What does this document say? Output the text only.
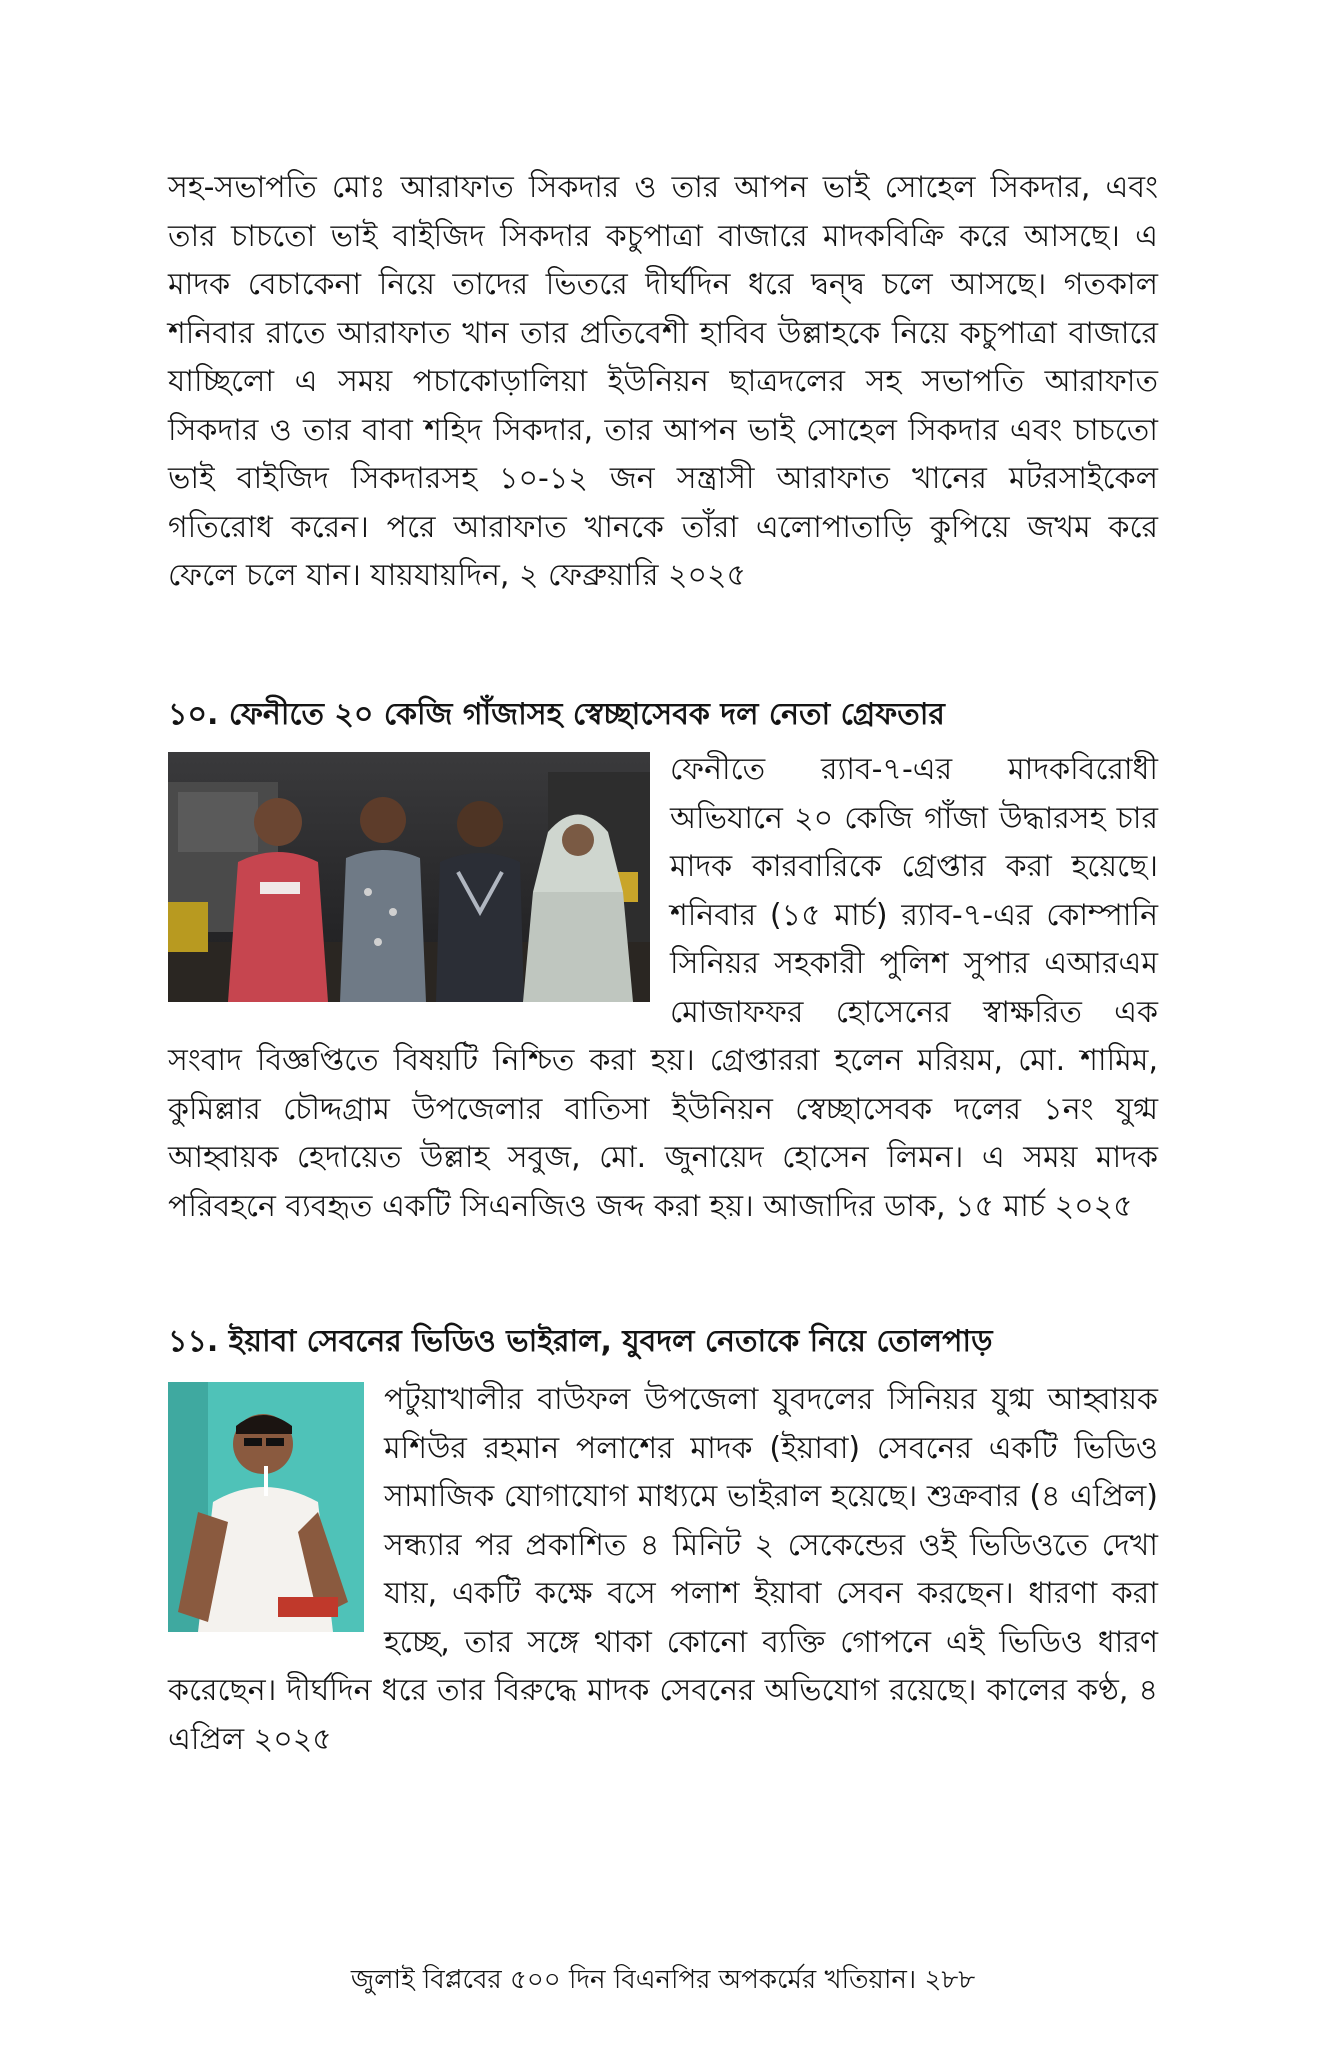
সহ-সভাপতি মোঃ আরাফাত সিকদার ও তার আপন ভাই সোহেল সিকদার, এবং তার চাচতো ভাই বাইজিদ সিকদার কচুপাত্রা বাজারে মাদকবিক্রি করে আসছে। এ মাদক বেচাকেনা নিয়ে তাদের ভিতরে দীর্ঘদিন ধরে দ্বন্দ্ব চলে আসছে। গতকাল শনিবার রাতে আরাফাত খান তার প্রতিবেশী হাবিব উল্লাহকে নিয়ে কচুপাত্রা বাজারে যাচ্ছিলো এ সময় পচাকোড়ালিয়া ইউনিয়ন ছাত্রদলের সহ সভাপতি আরাফাত সিকদার ও তার বাবা শহিদ সিকদার, তার আপন ভাই সোহেল সিকদার এবং চাচতো ভাই বাইজিদ সিকদারসহ ১০-১২ জন সন্ত্রাসী আরাফাত খানের মটরসাইকেল গতিরোধ করেন। পরে আরাফাত খানকে তাঁরা এলোপাতাড়ি কুপিয়ে জখম করে ফেলে চলে যান। যায়যায়দিন, ২ ফেব্রুয়ারি ২০২৫

১০. ফেনীতে ২০ কেজি গাঁজাসহ স্বেচ্ছাসেবক দল নেতা গ্রেফতার

ফেনীতে র‍্যাব-৭-এর মাদকবিরোধী অভিযানে ২০ কেজি গাঁজা উদ্ধারসহ চার মাদক কারবারিকে গ্রেপ্তার করা হয়েছে। শনিবার (১৫ মার্চ) র‍্যাব-৭-এর কোম্পানি সিনিয়র সহকারী পুলিশ সুপার এআরএম মোজাফফর হোসেনের স্বাক্ষরিত এক সংবাদ বিজ্ঞপ্তিতে বিষয়টি নিশ্চিত করা হয়। গ্রেপ্তাররা হলেন মরিয়ম, মো. শামিম, কুমিল্লার চৌদ্দগ্রাম উপজেলার বাতিসা ইউনিয়ন স্বেচ্ছাসেবক দলের ১নং যুগ্ম আহ্বায়ক হেদায়েত উল্লাহ সবুজ, মো. জুনায়েদ হোসেন লিমন। এ সময় মাদক পরিবহনে ব্যবহৃত একটি সিএনজিও জব্দ করা হয়। আজাদির ডাক, ১৫ মার্চ ২০২৫

১১. ইয়াবা সেবনের ভিডিও ভাইরাল, যুবদল নেতাকে নিয়ে তোলপাড়

পটুয়াখালীর বাউফল উপজেলা যুবদলের সিনিয়র যুগ্ম আহ্বায়ক মশিউর রহমান পলাশের মাদক (ইয়াবা) সেবনের একটি ভিডিও সামাজিক যোগাযোগ মাধ্যমে ভাইরাল হয়েছে। শুক্রবার (৪ এপ্রিল) সন্ধ্যার পর প্রকাশিত ৪ মিনিট ২ সেকেন্ডের ওই ভিডিওতে দেখা যায়, একটি কক্ষে বসে পলাশ ইয়াবা সেবন করছেন। ধারণা করা হচ্ছে, তার সঙ্গে থাকা কোনো ব্যক্তি গোপনে এই ভিডিও ধারণ করেছেন। দীর্ঘদিন ধরে তার বিরুদ্ধে মাদক সেবনের অভিযোগ রয়েছে। কালের কণ্ঠ, ৪ এপ্রিল ২০২৫

জুলাই বিপ্লবের ৫০০ দিন বিএনপির অপকর্মের খতিয়ান। ২৮৮
